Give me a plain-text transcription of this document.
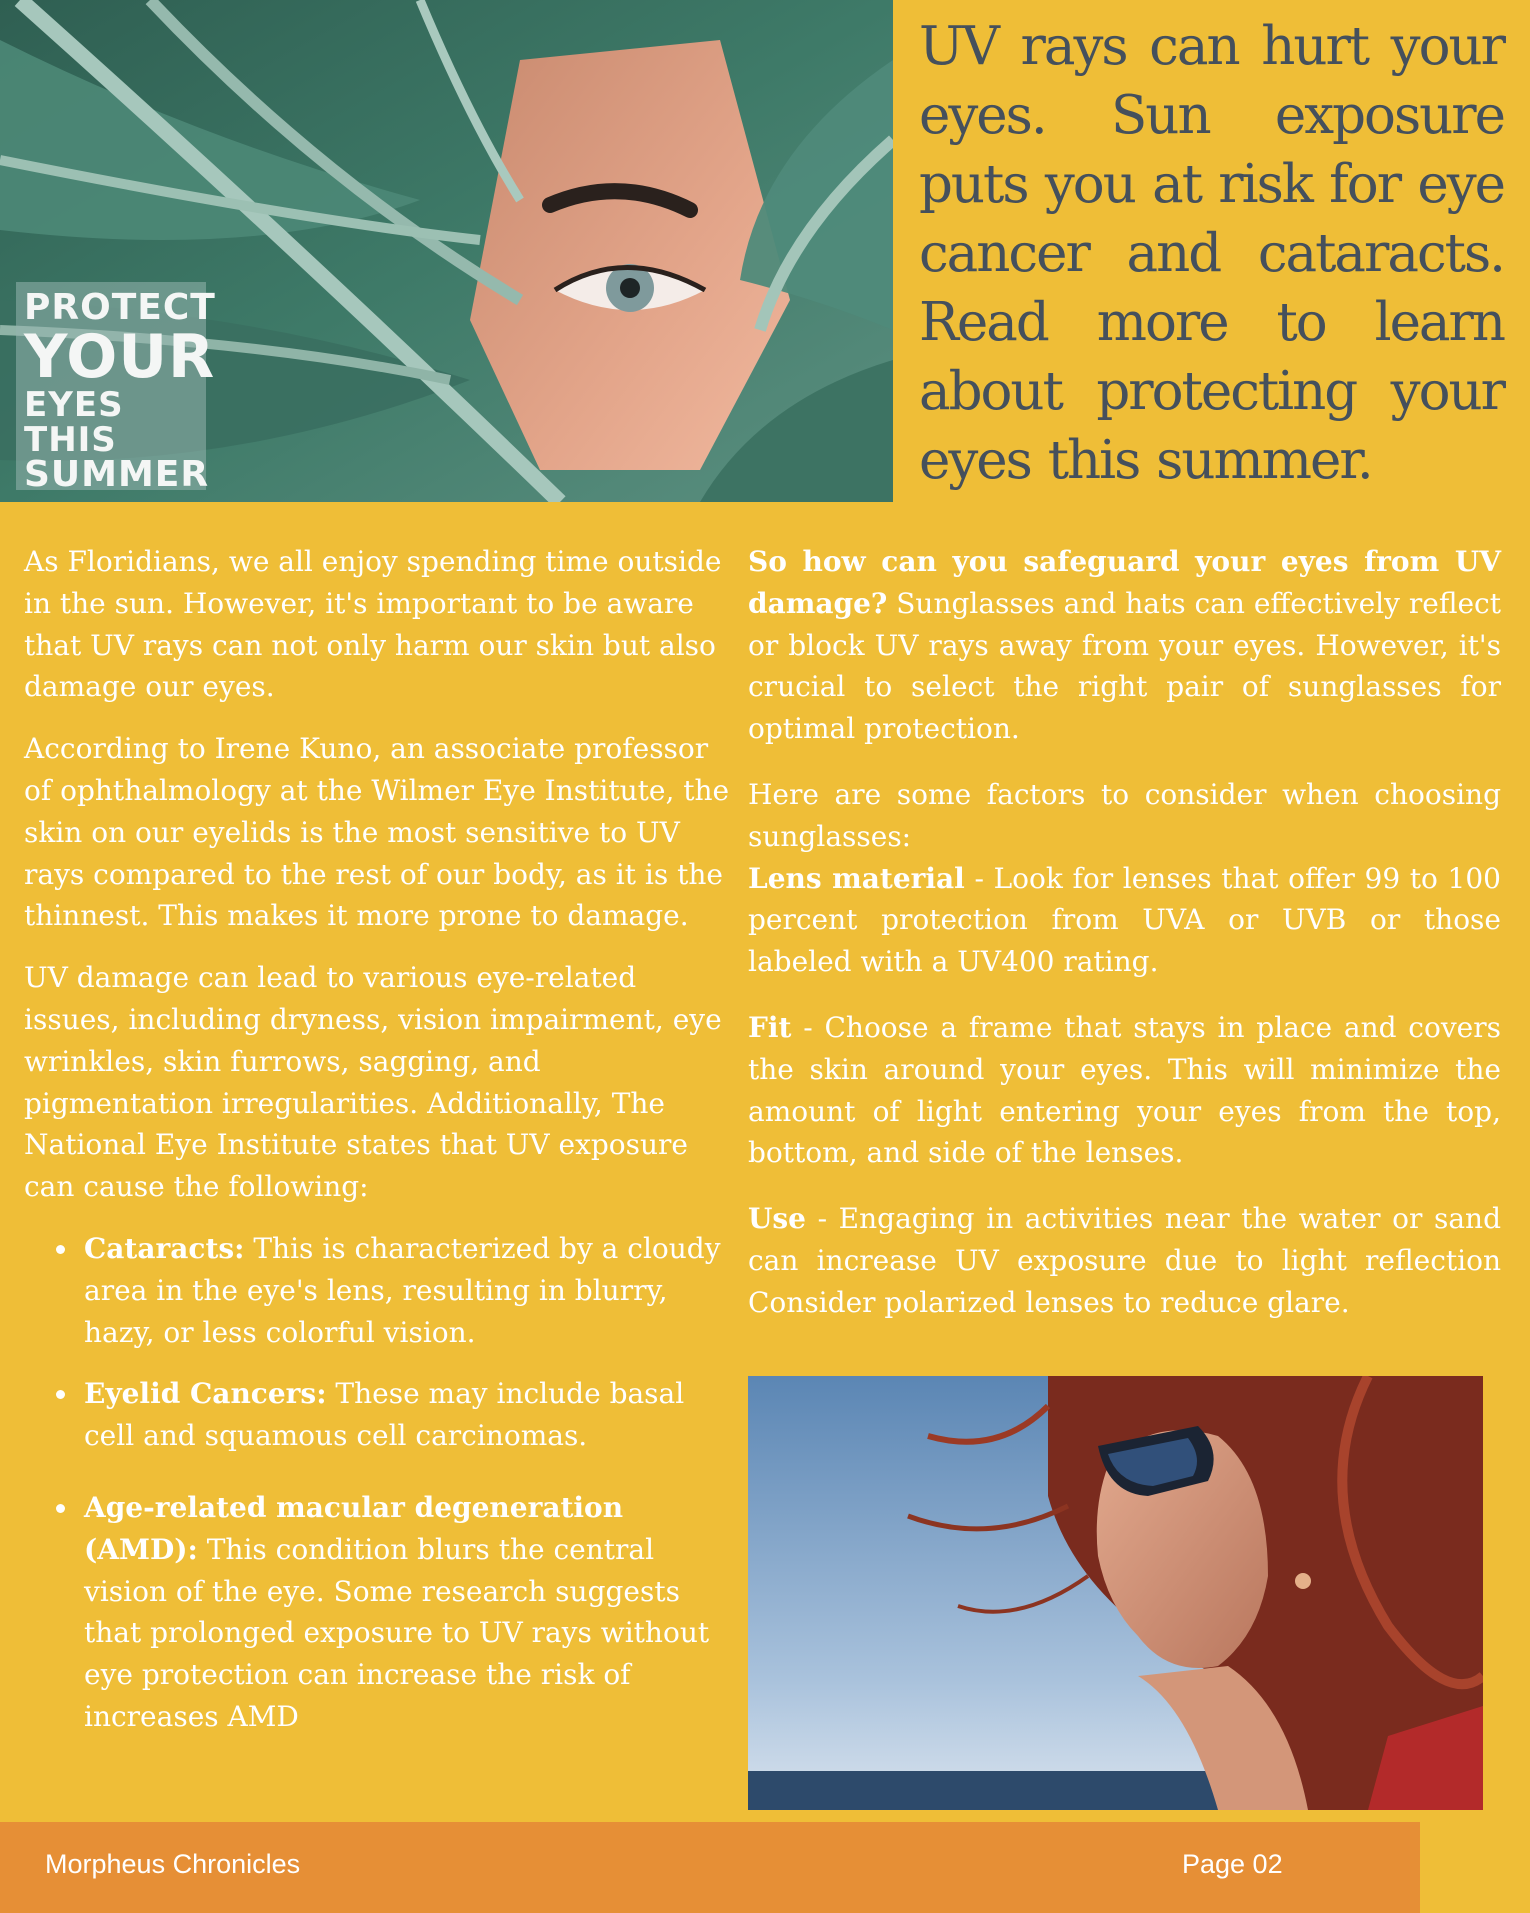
PROTECT
YOUR
EYES THIS
SUMMER
UV rays can hurt your eyes. Sun exposure puts you at risk for eye cancer and cataracts. Read more to learn about protecting your eyes this summer.

As Floridians, we all enjoy spending time outside in the sun. However, it's important to be aware that UV rays can not only harm our skin but also damage our eyes.

According to Irene Kuno, an associate professor of ophthalmology at the Wilmer Eye Institute, the skin on our eyelids is the most sensitive to UV rays compared to the rest of our body, as it is the thinnest. This makes it more prone to damage.

UV damage can lead to various eye-related issues, including dryness, vision impairment, eye wrinkles, skin furrows, sagging, and pigmentation irregularities. Additionally, The National Eye Institute states that UV exposure can cause the following:

Cataracts: This is characterized by a cloudy area in the eye's lens, resulting in blurry, hazy, or less colorful vision.
Eyelid Cancers: These may include basal cell and squamous cell carcinomas.
Age-related macular degeneration (AMD): This condition blurs the central vision of the eye. Some research suggests that prolonged exposure to UV rays without eye protection can increase the risk of increases AMD

So how can you safeguard your eyes from UV damage? Sunglasses and hats can effectively reflect or block UV rays away from your eyes. However, it's crucial to select the right pair of sunglasses for optimal protection.

Here are some factors to consider when choosing sunglasses:

Lens material - Look for lenses that offer 99 to 100 percent protection from UVA or UVB or those labeled with a UV400 rating.

Fit - Choose a frame that stays in place and covers the skin around your eyes. This will minimize the amount of light entering your eyes from the top, bottom, and side of the lenses.

Use - Engaging in activities near the water or sand can increase UV exposure due to light reflection Consider polarized lenses to reduce glare.

Morpheus Chronicles	Page 02
